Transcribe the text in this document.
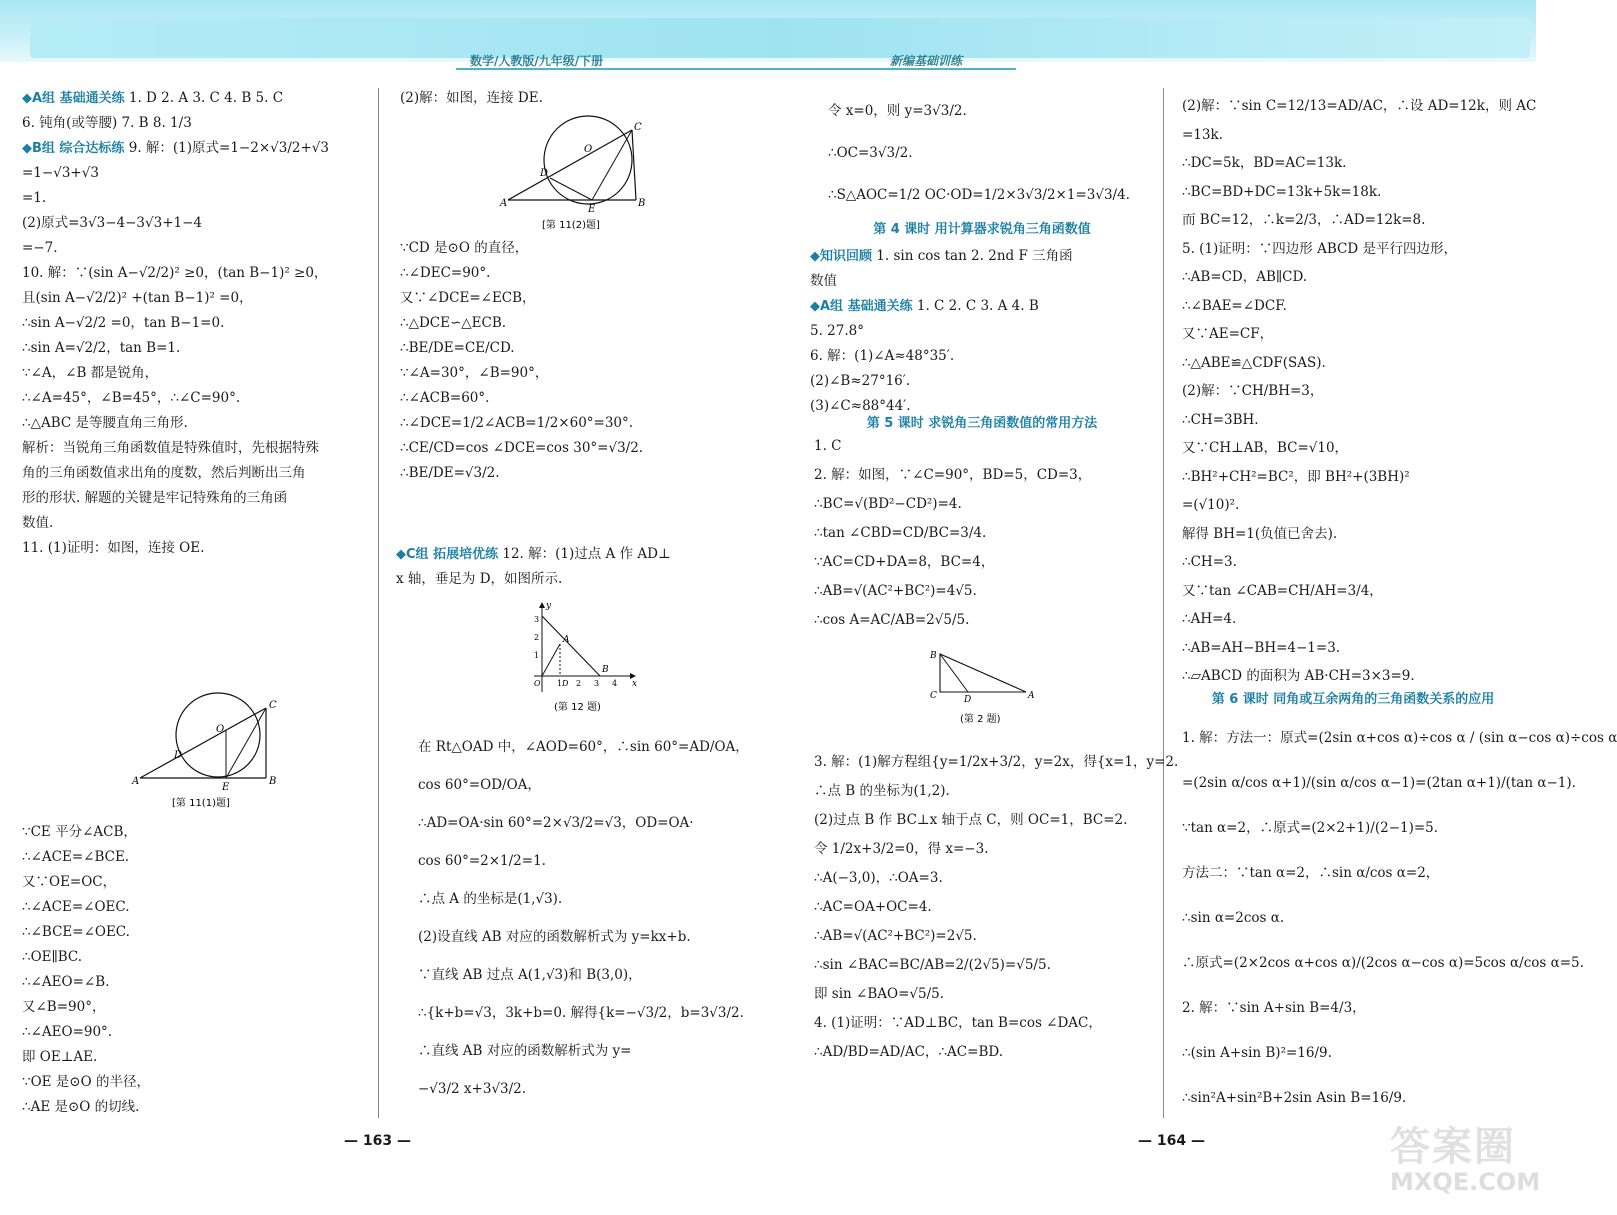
数学/人教版/九年级/下册	新编基础训练

◆A组 基础通关练 1. D 2. A 3. C 4. B 5. C

6. 钝角(或等腰) 7. B 8. 1/3

◆B组 综合达标练 9. 解：(1)原式=1−2×√3/2+√3

=1−√3+√3

=1.

(2)原式=3√3−4−3√3+1−4

=−7.

10. 解：∵(sin A−√2/2)² ≥0，(tan B−1)² ≥0，

且(sin A−√2/2)² +(tan B−1)² =0，

∴sin A−√2/2 =0，tan B−1=0.

∴sin A=√2/2，tan B=1.

∵∠A，∠B 都是锐角，

∴∠A=45°，∠B=45°，∴∠C=90°.

∴△ABC 是等腰直角三角形.

解析：当锐角三角函数值是特殊值时，先根据特殊

角的三角函数值求出角的度数，然后判断出三角

形的形状. 解题的关键是牢记特殊角的三角函

数值.

11. (1)证明：如图，连接 OE.

O
C
D
A
E
B
[第 11(1)题]

∵CE 平分∠ACB，

∴∠ACE=∠BCE.

又∵OE=OC，

∴∠ACE=∠OEC.

∴∠BCE=∠OEC.

∴OE∥BC.

∴∠AEO=∠B.

又∠B=90°，

∴∠AEO=90°.

即 OE⊥AE.

∵OE 是⊙O 的半径，

∴AE 是⊙O 的切线.

(2)解：如图，连接 DE.

O
C
D
A
E
B
[第 11(2)题]

∵CD 是⊙O 的直径，

∴∠DEC=90°.

又∵∠DCE=∠ECB，

∴△DCE∽△ECB.

∴BE/DE=CE/CD.

∵∠A=30°，∠B=90°，

∴∠ACB=60°.

∴∠DCE=1/2∠ACB=1/2×60°=30°.

∴CE/CD=cos ∠DCE=cos 30°=√3/2.

∴BE/DE=√3/2.

◆C组 拓展培优练 12. 解：(1)过点 A 作 AD⊥

x 轴，垂足为 D，如图所示.

y
3
2
1
O 1 2 3 4 x
A
B
D
(第 12 题)

在 Rt△OAD 中，∠AOD=60°，∴sin 60°=AD/OA，

cos 60°=OD/OA，

∴AD=OA·sin 60°=2×√3/2=√3，OD=OA·

cos 60°=2×1/2=1.

∴点 A 的坐标是(1,√3).

(2)设直线 AB 对应的函数解析式为 y=kx+b.

∵直线 AB 过点 A(1,√3)和 B(3,0)，

∴{k+b=√3，3k+b=0. 解得{k=−√3/2，b=3√3/2.

∴直线 AB 对应的函数解析式为 y=

−√3/2 x+3√3/2.

令 x=0，则 y=3√3/2.

∴OC=3√3/2.

∴S△AOC=1/2 OC·OD=1/2×3√3/2×1=3√3/4.

第 4 课时 用计算器求锐角三角函数值

◆知识回顾 1. sin cos tan 2. 2nd F 三角函

数值

◆A组 基础通关练 1. C 2. C 3. A 4. B

5. 27.8°

6. 解：(1)∠A≈48°35′.

(2)∠B≈27°16′.

(3)∠C≈88°44′.

第 5 课时 求锐角三角函数值的常用方法

1. C

2. 解：如图，∵∠C=90°，BD=5，CD=3，

∴BC=√(BD²−CD²)=4.

∴tan ∠CBD=CD/BC=3/4.

∵AC=CD+DA=8，BC=4，

∴AB=√(AC²+BC²)=4√5.

∴cos A=AC/AB=2√5/5.

B
C	D	A
(第 2 题)

3. 解：(1)解方程组{y=1/2x+3/2，y=2x，得{x=1，y=2.

∴点 B 的坐标为(1,2).

(2)过点 B 作 BC⊥x 轴于点 C，则 OC=1，BC=2.

令 1/2x+3/2=0，得 x=−3.

∴A(−3,0)，∴OA=3.

∴AC=OA+OC=4.

∴AB=√(AC²+BC²)=2√5.

∴sin ∠BAC=BC/AB=2/(2√5)=√5/5.

即 sin ∠BAO=√5/5.

4. (1)证明：∵AD⊥BC，tan B=cos ∠DAC，

∴AD/BD=AD/AC，∴AC=BD.

(2)解：∵sin C=12/13=AD/AC，∴设 AD=12k，则 AC

=13k.

∴DC=5k，BD=AC=13k.

∴BC=BD+DC=13k+5k=18k.

而 BC=12，∴k=2/3，∴AD=12k=8.

5. (1)证明：∵四边形 ABCD 是平行四边形，

∴AB=CD，AB∥CD.

∴∠BAE=∠DCF.

又∵AE=CF，

∴△ABE≌△CDF(SAS).

(2)解：∵CH/BH=3，

∴CH=3BH.

又∵CH⊥AB，BC=√10，

∴BH²+CH²=BC²，即 BH²+(3BH)²

=(√10)².

解得 BH=1(负值已舍去).

∴CH=3.

又∵tan ∠CAB=CH/AH=3/4，

∴AH=4.

∴AB=AH−BH=4−1=3.

∴▱ABCD 的面积为 AB·CH=3×3=9.

第 6 课时 同角或互余两角的三角函数关系的应用

1. 解：方法一：原式=(2sin α+cos α)÷cos α / (sin α−cos α)÷cos α

=(2sin α/cos α+1)/(sin α/cos α−1)=(2tan α+1)/(tan α−1).

∵tan α=2，∴原式=(2×2+1)/(2−1)=5.

方法二：∵tan α=2，∴sin α/cos α=2，

∴sin α=2cos α.

∴原式=(2×2cos α+cos α)/(2cos α−cos α)=5cos α/cos α=5.

2. 解：∵sin A+sin B=4/3，

∴(sin A+sin B)²=16/9.

∴sin²A+sin²B+2sin Asin B=16/9.

— 163 —	— 164 —	答案圈
MXQE.COM
